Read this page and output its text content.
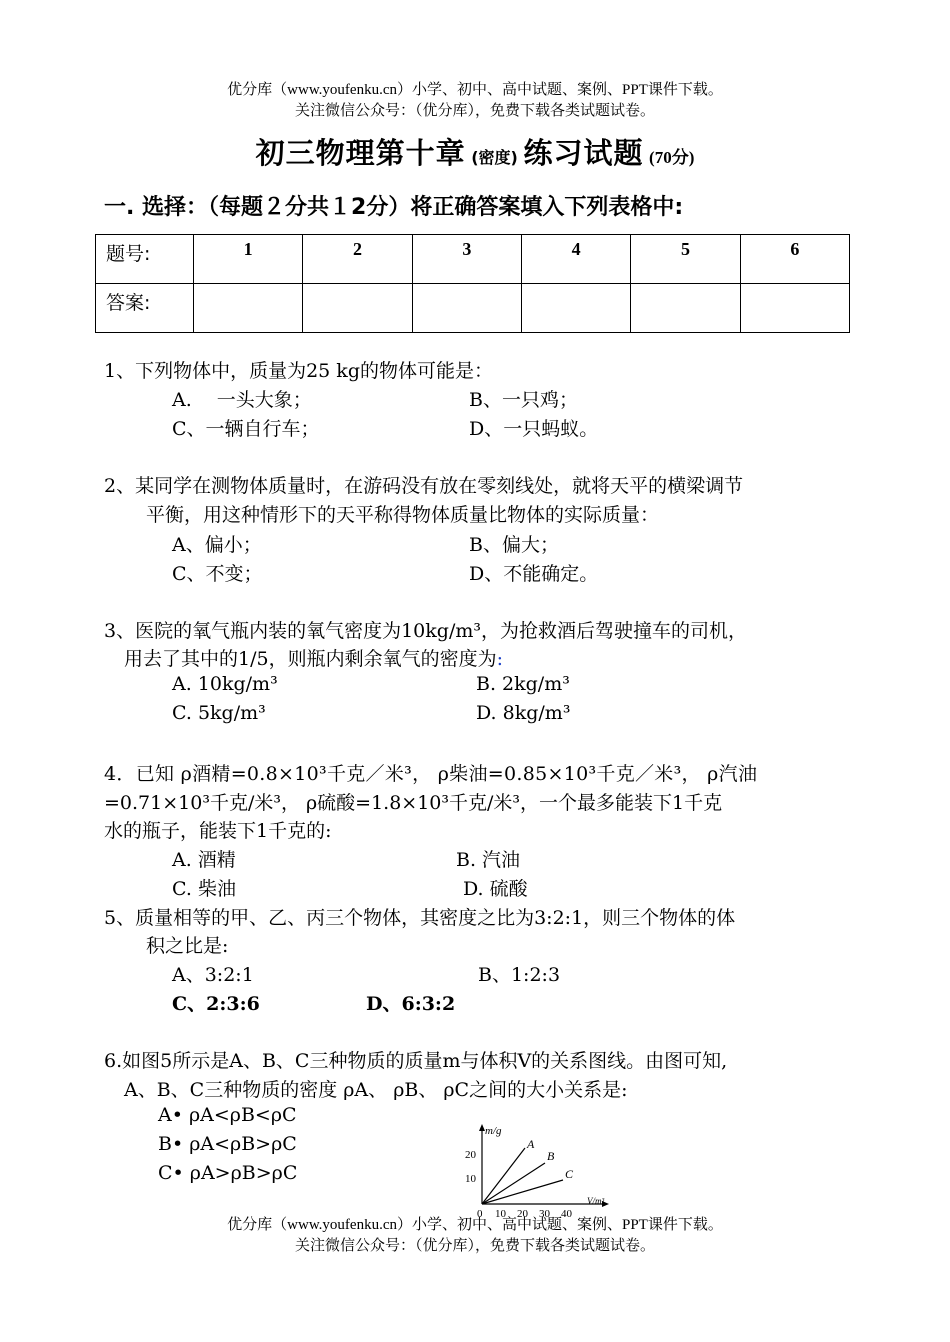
优分库（www.youfenku.cn）小学、初中、高中试题、案例、PPT课件下载。
关注微信公众号：（优分库），免费下载各类试题试卷。
初三物理第十章 (密度) 练习试题 (70分)
一. 选择：（每题２分共１2分）将正确答案填入下列表格中:
题号:	1	2	3	4	5	6
答案:						
1、下列物体中，质量为25 kg的物体可能是：
A.　 一头大象；	B、一只鸡；
C、一辆自行车；	D、一只蚂蚁。
2、某同学在测物体质量时，在游码没有放在零刻线处，就将天平的横梁调节
平衡，用这种情形下的天平称得物体质量比物体的实际质量：
A、偏小；	B、偏大；
C、不变；	D、不能确定。
3、医院的氧气瓶内装的氧气密度为10kg/m³，为抢救酒后驾驶撞车的司机，
用去了其中的1/5，则瓶内剩余氧气的密度为:
A. 10kg/m³	B. 2kg/m³
C. 5kg/m³	D. 8kg/m³
4．已知 ρ酒精=0.8×10³千克／米³， ρ柴油=0.85×10³千克／米³， ρ汽油
=0.71×10³千克/米³， ρ硫酸=1.8×10³千克/米³，一个最多能装下1千克
水的瓶子，能装下1千克的:
A. 酒精	B. 汽油
C. 柴油	D. 硫酸
5、质量相等的甲、乙、丙三个物体，其密度之比为3:2:1，则三个物体的体
积之比是:
A、3:2:1	B、1:2:3
C、2:3:6	D、6:3:2
6.如图5所示是A、B、C三种物质的质量m与体积V的关系图线。由图可知,
A、B、C三种物质的密度 ρA、 ρB、 ρC之间的大小关系是:
A• ρA<ρB<ρC
B• ρA<ρB>ρC
C• ρA>ρB>ρC
m/g
V/m³
20
10
0 10 20 30 40
A
B
C
优分库（www.youfenku.cn）小学、初中、高中试题、案例、PPT课件下载。
关注微信公众号：（优分库），免费下载各类试题试卷。
